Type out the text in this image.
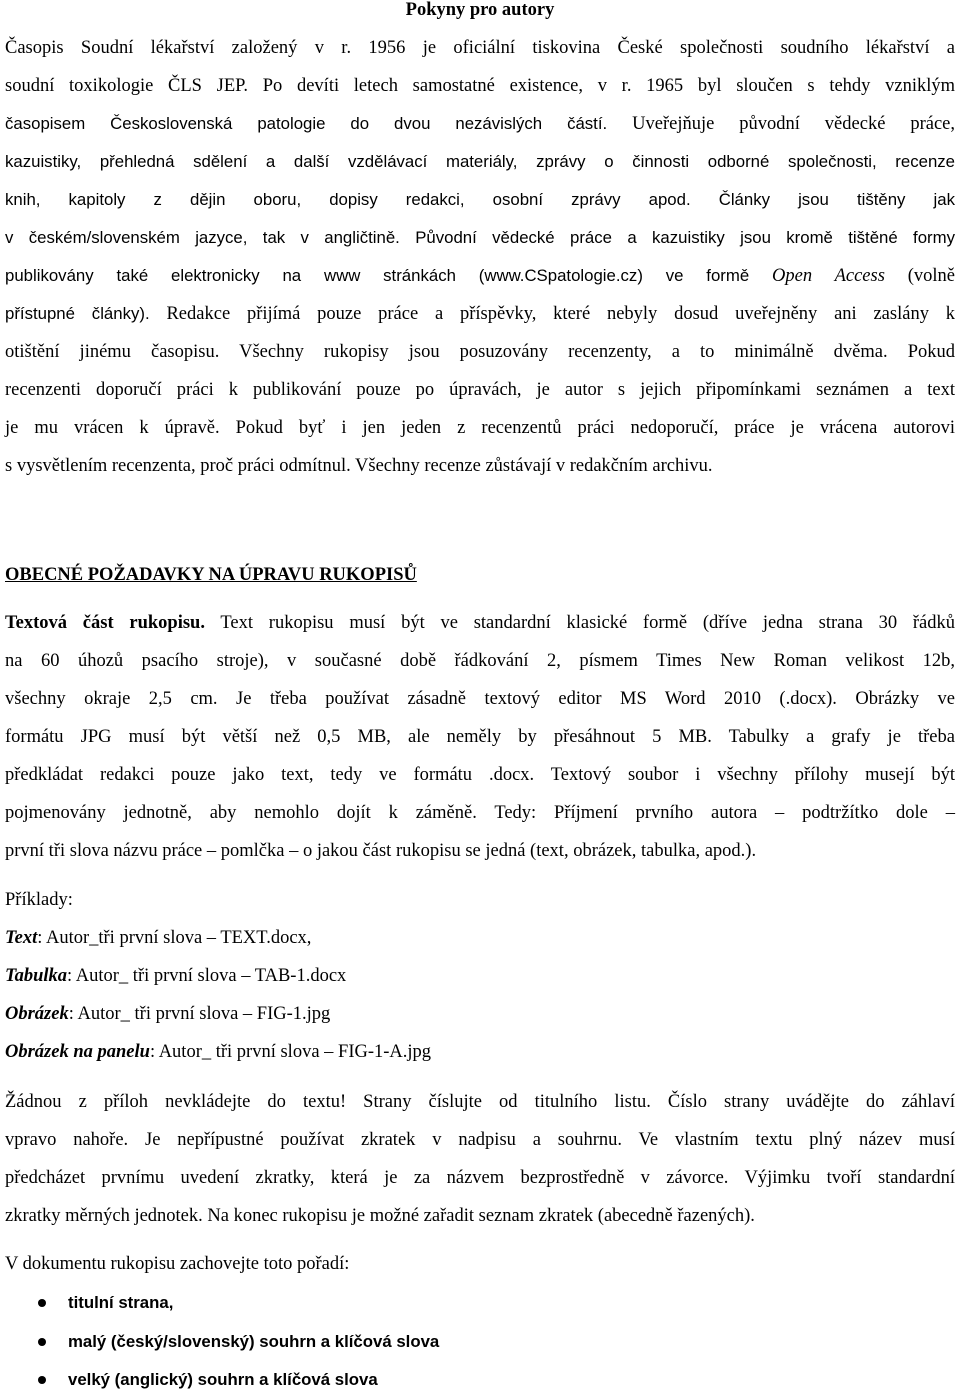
Pokyny pro autory
Časopis Soudní lékařství založený v r. 1956 je oficiální tiskovina České společnosti soudního lékařství a
soudní toxikologie ČLS JEP. Po devíti letech samostatné existence, v r. 1965 byl sloučen s tehdy vzniklým
časopisem Československá patologie do dvou nezávislých částí. Uveřejňuje původní vědecké práce,
kazuistiky, přehledná sdělení a další vzdělávací materiály, zprávy o činnosti odborné společnosti, recenze
knih, kapitoly z dějin oboru, dopisy redakci, osobní zprávy apod. Články jsou tištěny jak
v českém/slovenském jazyce, tak v angličtině. Původní vědecké práce a kazuistiky jsou kromě tištěné formy
publikovány také elektronicky na www stránkách (www.CSpatologie.cz) ve formě Open Access (volně
přístupné články). Redakce přijímá pouze práce a příspěvky, které nebyly dosud uveřejněny ani zaslány k
otištění jinému časopisu. Všechny rukopisy jsou posuzovány recenzenty, a to minimálně dvěma. Pokud
recenzenti doporučí práci k publikování pouze po úpravách, je autor s jejich připomínkami seznámen a text
je mu vrácen k úpravě. Pokud byť i jen jeden z recenzentů práci nedoporučí, práce je vrácena autorovi
s vysvětlením recenzenta, proč práci odmítnul. Všechny recenze zůstávají v redakčním archivu.
OBECNÉ POŽADAVKY NA ÚPRAVU RUKOPISŮ
Textová část rukopisu. Text rukopisu musí být ve standardní klasické formě (dříve jedna strana 30 řádků
na 60 úhozů psacího stroje), v současné době řádkování 2, písmem Times New Roman velikost 12b,
všechny okraje 2,5 cm. Je třeba používat zásadně textový editor MS Word 2010 (.docx). Obrázky ve
formátu JPG musí být větší než 0,5 MB, ale neměly by přesáhnout 5 MB. Tabulky a grafy je třeba
předkládat redakci pouze jako text, tedy ve formátu .docx. Textový soubor i všechny přílohy musejí být
pojmenovány jednotně, aby nemohlo dojít k záměně. Tedy: Příjmení prvního autora – podtržítko dole –
první tři slova názvu práce – pomlčka – o jakou část rukopisu se jedná (text, obrázek, tabulka, apod.).
Příklady:
Text: Autor_tři první slova – TEXT.docx,
Tabulka: Autor_ tři první slova – TAB-1.docx
Obrázek: Autor_ tři první slova – FIG-1.jpg
Obrázek na panelu: Autor_ tři první slova – FIG-1-A.jpg
Žádnou z příloh nevkládejte do textu! Strany číslujte od titulního listu. Číslo strany uvádějte do záhlaví
vpravo nahoře. Je nepřípustné používat zkratek v nadpisu a souhrnu. Ve vlastním textu plný název musí
předcházet prvnímu uvedení zkratky, která je za názvem bezprostředně v závorce. Výjimku tvoří standardní
zkratky měrných jednotek. Na konec rukopisu je možné zařadit seznam zkratek (abecedně řazených).
V dokumentu rukopisu zachovejte toto pořadí:
titulní strana,
malý (český/slovenský) souhrn a klíčová slova
velký (anglický) souhrn a klíčová slova
